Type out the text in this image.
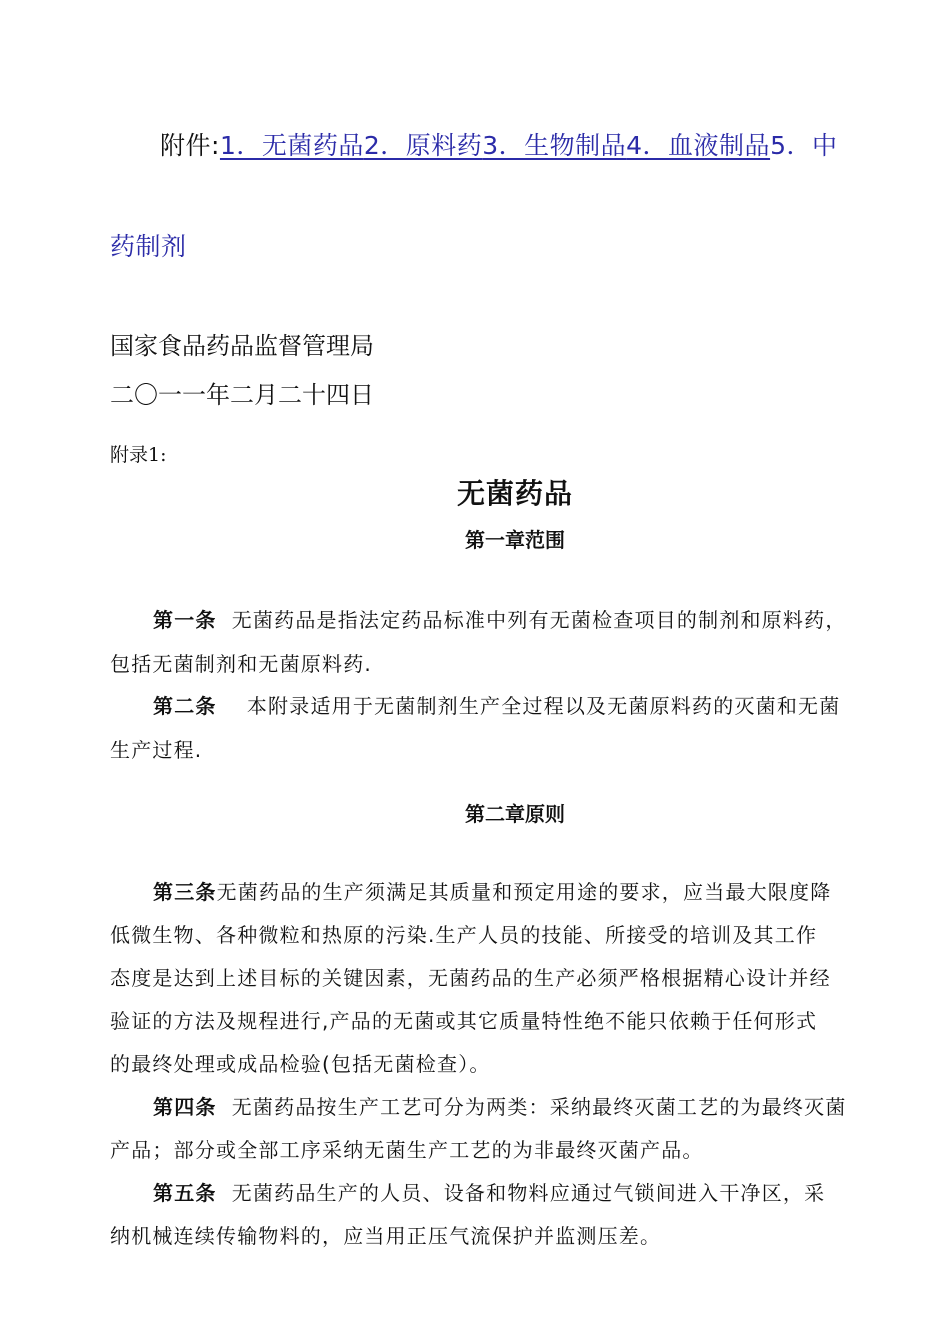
附件:1．无菌药品2．原料药3．生物制品4．血液制品5．中
药制剂
国家食品药品监督管理局
二〇一一年二月二十四日
附录1:
无菌药品
第一章范围
第一条 无菌药品是指法定药品标准中列有无菌检查项目的制剂和原料药，
包括无菌制剂和无菌原料药.
第二条 本附录适用于无菌制剂生产全过程以及无菌原料药的灭菌和无菌
生产过程.
第二章原则
第三条无菌药品的生产须满足其质量和预定用途的要求，应当最大限度降
低微生物、各种微粒和热原的污染.生产人员的技能、所接受的培训及其工作
态度是达到上述目标的关键因素，无菌药品的生产必须严格根据精心设计并经
验证的方法及规程进行,产品的无菌或其它质量特性绝不能只依赖于任何形式
的最终处理或成品检验(包括无菌检查）。
第四条 无菌药品按生产工艺可分为两类：采纳最终灭菌工艺的为最终灭菌
产品；部分或全部工序采纳无菌生产工艺的为非最终灭菌产品。
第五条 无菌药品生产的人员、设备和物料应通过气锁间进入干净区，采
纳机械连续传输物料的，应当用正压气流保护并监测压差。
